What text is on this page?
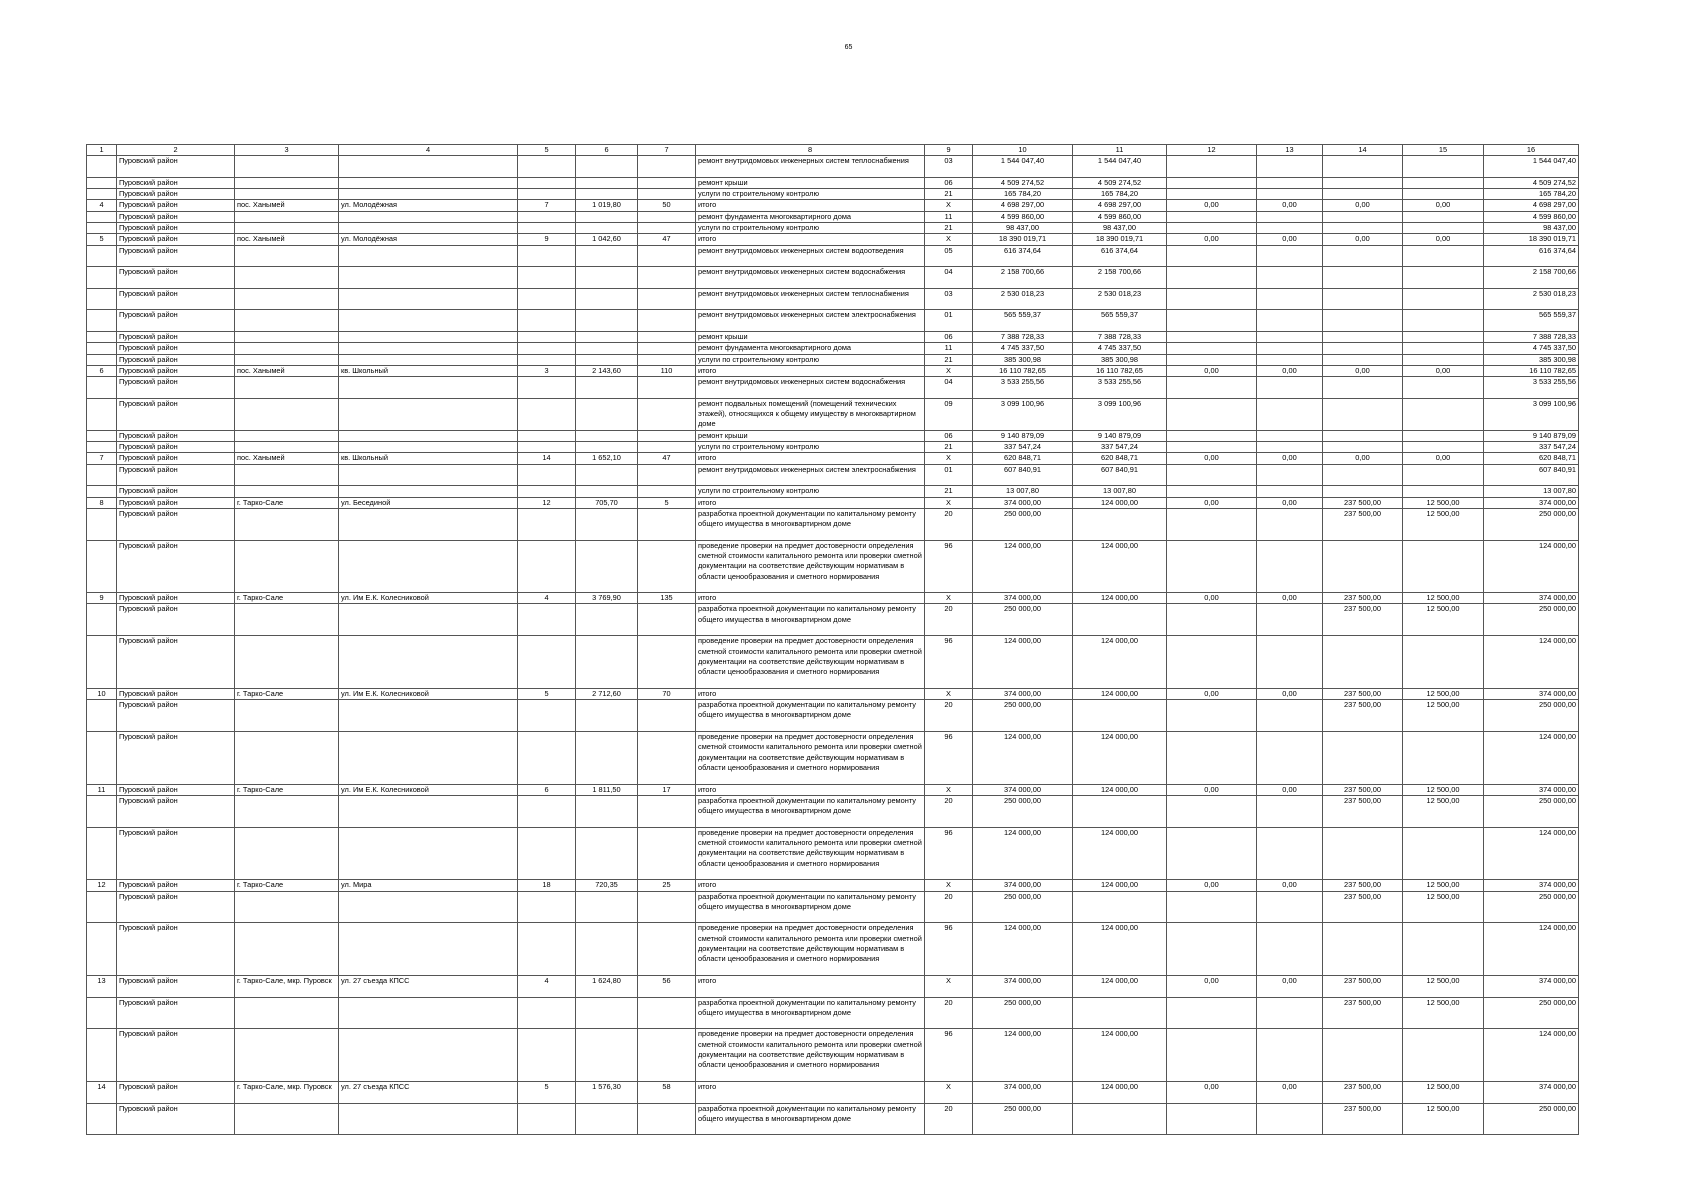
65
1	2	3	4	5	6	7	8	9	10	11	12	13	14	15	16
	Пуровский район						ремонт внутридомовых инженерных систем теплоснабжения	03	1 544 047,40	1 544 047,40					1 544 047,40
	Пуровский район						ремонт крыши	06	4 509 274,52	4 509 274,52					4 509 274,52
	Пуровский район						услуги по строительному контролю	21	165 784,20	165 784,20					165 784,20
4	Пуровский район	пос. Ханымей	ул. Молодёжная	7	1 019,80	50	итого	Х	4 698 297,00	4 698 297,00	0,00	0,00	0,00	0,00	4 698 297,00
	Пуровский район						ремонт фундамента многоквартирного дома	11	4 599 860,00	4 599 860,00					4 599 860,00
	Пуровский район						услуги по строительному контролю	21	98 437,00	98 437,00					98 437,00
5	Пуровский район	пос. Ханымей	ул. Молодёжная	9	1 042,60	47	итого	Х	18 390 019,71	18 390 019,71	0,00	0,00	0,00	0,00	18 390 019,71
	Пуровский район						ремонт внутридомовых инженерных систем водоотведения	05	616 374,64	616 374,64					616 374,64
	Пуровский район						ремонт внутридомовых инженерных систем водоснабжения	04	2 158 700,66	2 158 700,66					2 158 700,66
	Пуровский район						ремонт внутридомовых инженерных систем теплоснабжения	03	2 530 018,23	2 530 018,23					2 530 018,23
	Пуровский район						ремонт внутридомовых инженерных систем электроснабжения	01	565 559,37	565 559,37					565 559,37
	Пуровский район						ремонт крыши	06	7 388 728,33	7 388 728,33					7 388 728,33
	Пуровский район						ремонт фундамента многоквартирного дома	11	4 745 337,50	4 745 337,50					4 745 337,50
	Пуровский район						услуги по строительному контролю	21	385 300,98	385 300,98					385 300,98
6	Пуровский район	пос. Ханымей	кв. Школьный	3	2 143,60	110	итого	Х	16 110 782,65	16 110 782,65	0,00	0,00	0,00	0,00	16 110 782,65
	Пуровский район						ремонт внутридомовых инженерных систем водоснабжения	04	3 533 255,56	3 533 255,56					3 533 255,56
	Пуровский район						ремонт подвальных помещений (помещений технических этажей), относящихся к общему имуществу в многоквартирном доме	09	3 099 100,96	3 099 100,96					3 099 100,96
	Пуровский район						ремонт крыши	06	9 140 879,09	9 140 879,09					9 140 879,09
	Пуровский район						услуги по строительному контролю	21	337 547,24	337 547,24					337 547,24
7	Пуровский район	пос. Ханымей	кв. Школьный	14	1 652,10	47	итого	Х	620 848,71	620 848,71	0,00	0,00	0,00	0,00	620 848,71
	Пуровский район						ремонт внутридомовых инженерных систем электроснабжения	01	607 840,91	607 840,91					607 840,91
	Пуровский район						услуги по строительному контролю	21	13 007,80	13 007,80					13 007,80
8	Пуровский район	г. Тарко-Сале	ул. Бесединой	12	705,70	5	итого	Х	374 000,00	124 000,00	0,00	0,00	237 500,00	12 500,00	374 000,00
	Пуровский район						разработка проектной документации по капитальному ремонту общего имущества в многоквартирном доме	20	250 000,00				237 500,00	12 500,00	250 000,00
	Пуровский район						проведение проверки на предмет достоверности определения сметной стоимости капитального ремонта или проверки сметной документации на соответствие действующим нормативам в области ценообразования и сметного нормирования	96	124 000,00	124 000,00					124 000,00
9	Пуровский район	г. Тарко-Сале	ул. Им Е.К. Колесниковой	4	3 769,90	135	итого	Х	374 000,00	124 000,00	0,00	0,00	237 500,00	12 500,00	374 000,00
	Пуровский район						разработка проектной документации по капитальному ремонту общего имущества в многоквартирном доме	20	250 000,00				237 500,00	12 500,00	250 000,00
	Пуровский район						проведение проверки на предмет достоверности определения сметной стоимости капитального ремонта или проверки сметной документации на соответствие действующим нормативам в области ценообразования и сметного нормирования	96	124 000,00	124 000,00					124 000,00
10	Пуровский район	г. Тарко-Сале	ул. Им Е.К. Колесниковой	5	2 712,60	70	итого	Х	374 000,00	124 000,00	0,00	0,00	237 500,00	12 500,00	374 000,00
	Пуровский район						разработка проектной документации по капитальному ремонту общего имущества в многоквартирном доме	20	250 000,00				237 500,00	12 500,00	250 000,00
	Пуровский район						проведение проверки на предмет достоверности определения сметной стоимости капитального ремонта или проверки сметной документации на соответствие действующим нормативам в области ценообразования и сметного нормирования	96	124 000,00	124 000,00					124 000,00
11	Пуровский район	г. Тарко-Сале	ул. Им Е.К. Колесниковой	6	1 811,50	17	итого	Х	374 000,00	124 000,00	0,00	0,00	237 500,00	12 500,00	374 000,00
	Пуровский район						разработка проектной документации по капитальному ремонту общего имущества в многоквартирном доме	20	250 000,00				237 500,00	12 500,00	250 000,00
	Пуровский район						проведение проверки на предмет достоверности определения сметной стоимости капитального ремонта или проверки сметной документации на соответствие действующим нормативам в области ценообразования и сметного нормирования	96	124 000,00	124 000,00					124 000,00
12	Пуровский район	г. Тарко-Сале	ул. Мира	18	720,35	25	итого	Х	374 000,00	124 000,00	0,00	0,00	237 500,00	12 500,00	374 000,00
	Пуровский район						разработка проектной документации по капитальному ремонту общего имущества в многоквартирном доме	20	250 000,00				237 500,00	12 500,00	250 000,00
	Пуровский район						проведение проверки на предмет достоверности определения сметной стоимости капитального ремонта или проверки сметной документации на соответствие действующим нормативам в области ценообразования и сметного нормирования	96	124 000,00	124 000,00					124 000,00
13	Пуровский район	г. Тарко-Сале, мкр. Пуровск	ул. 27 съезда КПСС	4	1 624,80	56	итого	Х	374 000,00	124 000,00	0,00	0,00	237 500,00	12 500,00	374 000,00
	Пуровский район						разработка проектной документации по капитальному ремонту общего имущества в многоквартирном доме	20	250 000,00				237 500,00	12 500,00	250 000,00
	Пуровский район						проведение проверки на предмет достоверности определения сметной стоимости капитального ремонта или проверки сметной документации на соответствие действующим нормативам в области ценообразования и сметного нормирования	96	124 000,00	124 000,00					124 000,00
14	Пуровский район	г. Тарко-Сале, мкр. Пуровск	ул. 27 съезда КПСС	5	1 576,30	58	итого	Х	374 000,00	124 000,00	0,00	0,00	237 500,00	12 500,00	374 000,00
	Пуровский район						разработка проектной документации по капитальному ремонту общего имущества в многоквартирном доме	20	250 000,00				237 500,00	12 500,00	250 000,00
